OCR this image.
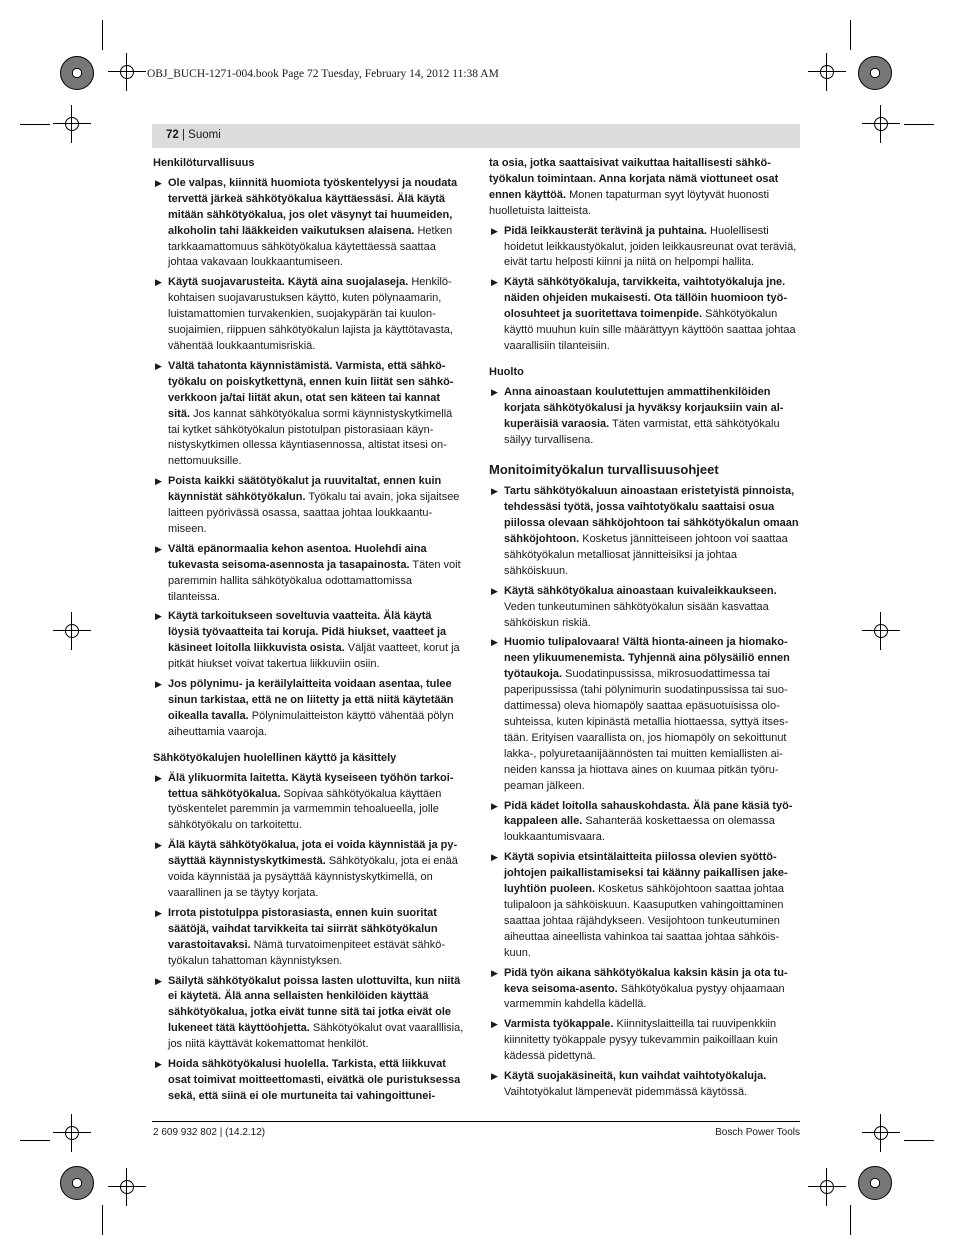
OBJ_BUCH-1271-004.book Page 72 Tuesday, February 14, 2012 11:38 AM
72 | Suomi
Henkilöturvallisuus
▶ Ole valpas, kiinnitä huomiota työskentelyysi ja noudata tervettä järkeä sähkötyökalua käyttäessäsi. Älä käytä mitään sähkötyökalua, jos olet väsynyt tai huumeiden, alkoholin tahi lääkkeiden vaikutuksen alaisena. Hetken tarkkaamattomuus sähkötyökalua käytettäessä saattaa johtaa vakavaan loukkaantumiseen.
▶ Käytä suojavarusteita. Käytä aina suojalaseja. Henkilökohtaisen suojavarustuksen käyttö, kuten pölynaamarin, luistamattomien turvakenkien, suojakypärän tai kuulonsuojaimien, riippuen sähkötyökalun lajista ja käyttötavasta, vähentää loukkaantumisriskiä.
▶ Vältä tahatonta käynnistämistä. Varmista, että sähkötyökalu on poiskytkettynä, ennen kuin liität sen sähköverkkoon ja/tai liität akun, otat sen käteen tai kannat sitä. Jos kannat sähkötyökalua sormi käynnistyskytkimellä tai kytket sähkötyökalun pistotulpan pistorasiaan käynnistyskytkimen ollessa käyntiasennossa, altistat itsesi onnettomuuksille.
▶ Poista kaikki säätötyökalut ja ruuvitaltat, ennen kuin käynnistät sähkötyökalun. Työkalu tai avain, joka sijaitsee laitteen pyörivässä osassa, saattaa johtaa loukkaantumiseen.
▶ Vältä epänormaalia kehon asentoa. Huolehdi aina tukevasta seisoma-asennosta ja tasapainosta. Täten voit paremmin hallita sähkötyökalua odottamattomissa tilanteissa.
▶ Käytä tarkoitukseen soveltuvia vaatteita. Älä käytä löysiä työvaatteita tai koruja. Pidä hiukset, vaatteet ja käsineet loitolla liikkuvista osista. Väljät vaatteet, korut ja pitkät hiukset voivat takertua liikkuviin osiin.
▶ Jos pölynimu- ja keräilylaitteita voidaan asentaa, tulee sinun tarkistaa, että ne on liitetty ja että niitä käytetään oikealla tavalla. Pölynimulaitteiston käyttö vähentää pölyn aiheuttamia vaaroja.
Sähkötyökalujen huolellinen käyttö ja käsittely
▶ Älä ylikuormita laitetta. Käytä kyseiseen työhön tarkoitettua sähkötyökalua. Sopivaa sähkötyökalua käyttäen työskentelet paremmin ja varmemmin tehoalueella, jolle sähkötyökalu on tarkoitettu.
▶ Älä käytä sähkötyökalua, jota ei voida käynnistää ja pysäyttää käynnistyskytkimestä. Sähkötyökalu, jota ei enää voida käynnistää ja pysäyttää käynnistyskytkimellä, on vaarallinen ja se täytyy korjata.
▶ Irrota pistotulppa pistorasiasta, ennen kuin suoritat säätöjä, vaihdat tarvikkeita tai siirrät sähkötyökalun varastoitavaksi. Nämä turvatoimenpiteet estävät sähkötyökalun tahattoman käynnistyksen.
▶ Säilytä sähkötyökalut poissa lasten ulottuvilta, kun niitä ei käytetä. Älä anna sellaisten henkilöiden käyttää sähkötyökalua, jotka eivät tunne sitä tai jotka eivät ole lukeneet tätä käyttöohjetta. Sähkötyökalut ovat vaaralllisia, jos niitä käyttävät kokemattomat henkilöt.
▶ Hoida sähkötyökalusi huolella. Tarkista, että liikkuvat osat toimivat moitteettomasti, eivätkä ole puristuksessa sekä, että siinä ei ole murtuneita tai vahingoittunei-
ta osia, jotka saattaisivat vaikuttaa haitallisesti sähkötyökalun toimintaan. Anna korjata nämä viottuneet osat ennen käyttöä. Monen tapaturman syyt löytyvät huonosti huolletuista laitteista.
▶ Pidä leikkausterät terävinä ja puhtaina. Huolellisesti hoidetut leikkaustyökalut, joiden leikkausreunat ovat teräviä, eivät tartu helposti kiinni ja niitä on helpompi hallita.
▶ Käytä sähkötyökaluja, tarvikkeita, vaihtotyökaluja jne. näiden ohjeiden mukaisesti. Ota tällöin huomioon työolosuhteet ja suoritettava toimenpide. Sähkötyökalun käyttö muuhun kuin sille määrättyyn käyttöön saattaa johtaa vaarallisiin tilanteisiin.
Huolto
▶ Anna ainoastaan koulutettujen ammattihenkilöiden korjata sähkötyökalusi ja hyväksy korjauksiin vain alkuperäisiä varaosia. Täten varmistat, että sähkötyökalu säilyy turvallisena.
Monitoimityökalun turvallisuusohjeet
▶ Tartu sähkötyökaluun ainoastaan eristetyistä pinnoista, tehdessäsi työtä, jossa vaihtotyökalu saattaisi osua piilossa olevaan sähköjohtoon tai sähkötyökalun omaan sähköjohtoon. Kosketus jännitteiseen johtoon voi saattaa sähkötyökalun metalliosat jännitteisiksi ja johtaa sähköiskuun.
▶ Käytä sähkötyökalua ainoastaan kuivaleikkaukseen. Veden tunkeutuminen sähkötyökalun sisään kasvattaa sähköiskun riskiä.
▶ Huomio tulipalovaara! Vältä hionta-aineen ja hiomakoneen ylikuumenemista. Tyhjennä aina pölysäiliö ennen työtaukoja. Suodatinpussissa, mikrosuodattimessa tai paperipussissa (tahi pölynimurin suodatinpussissa tai suodattimessa) oleva hiomapöly saattaa epäsuotuisissa olosuhteissa, kuten kipinästä metallia hiottaessa, syttyä itsestään. Erityisen vaarallista on, jos hiomapöly on sekoittunut lakka-, polyuretaanijäännösten tai muitten kemiallisten aineiden kanssa ja hiottava aines on kuumaa pitkän työrupeaman jälkeen.
▶ Pidä kädet loitolla sahauskohdasta. Älä pane käsiä työkappaleen alle. Sahanterää koskettaessa on olemassa loukkaantumisvaara.
▶ Käytä sopivia etsintälaitteita piilossa olevien syöttöjohtojen paikallistamiseksi tai käänny paikallisen jakeluyhtiön puoleen. Kosketus sähköjohtoon saattaa johtaa tulipaloon ja sähköiskuun. Kaasuputken vahingoittaminen saattaa johtaa räjähdykseen. Vesijohtoon tunkeutuminen aiheuttaa aineellista vahinkoa tai saattaa johtaa sähköiskuun.
▶ Pidä työn aikana sähkötyökalua kaksin käsin ja ota tukeva seisoma-asento. Sähkötyökalua pystyy ohjaamaan varmemmin kahdella kädellä.
▶ Varmista työkappale. Kiinnityslaitteilla tai ruuvipenkkiin kiinnitetty työkappale pysyy tukevammin paikoillaan kuin kädessä pidettynä.
▶ Käytä suojakäsineitä, kun vaihdat vaihtotyökaluja. Vaihtotyökalut lämpenevät pidemmässä käytössä.
2 609 932 802 | (14.2.12)	Bosch Power Tools
